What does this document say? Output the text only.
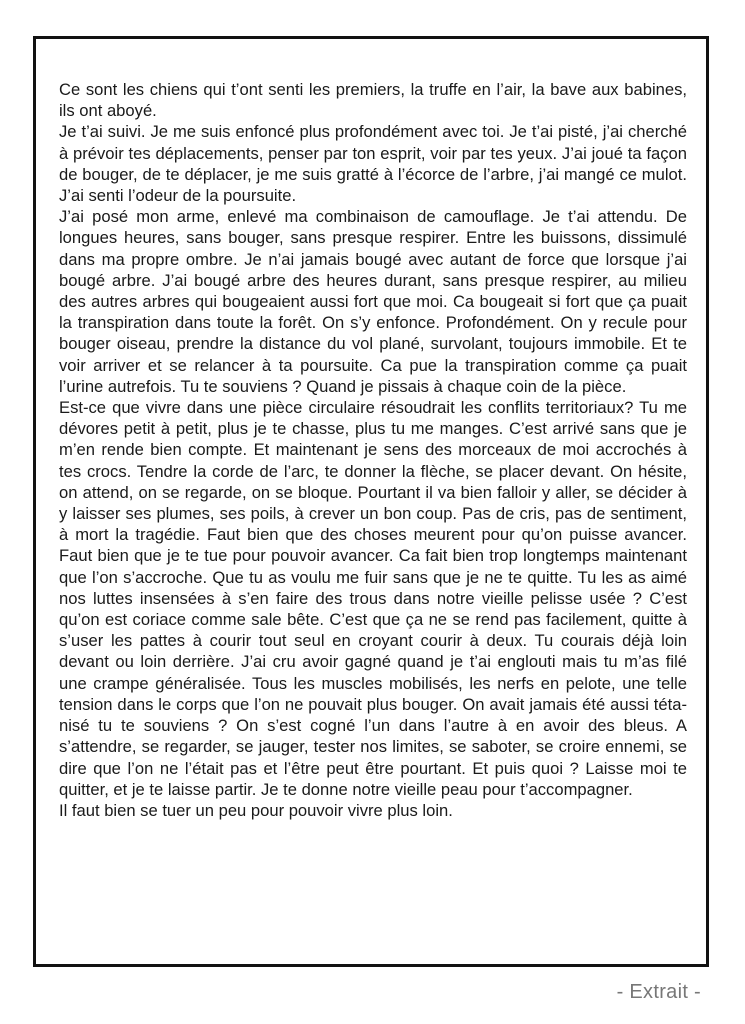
Ce sont les chiens qui t’ont senti les premiers, la truffe en l’air, la bave aux babines, ils ont aboyé.

Je t’ai suivi. Je me suis enfoncé plus profondément avec toi. Je t’ai pisté, j’ai cherché à prévoir tes déplacements, penser par ton esprit, voir par tes yeux. J’ai joué ta façon de bouger, de te déplacer, je me suis gratté à l’écorce de l’arbre, j’ai mangé ce mulot. J’ai senti l’odeur de la poursuite.

J’ai posé mon arme, enlevé ma combinaison de camouflage. Je t’ai attendu. De longues heures, sans bouger, sans presque respirer. Entre les buissons, dissimulé dans ma propre ombre. Je n’ai jamais bougé avec autant de force que lorsque j’ai bougé arbre. J’ai bougé arbre des heures durant, sans presque respirer, au milieu des autres arbres qui bougeaient aussi fort que moi. Ca bougeait si fort que ça puait la transpiration dans toute la forêt. On s’y enfonce. Profondément. On y recule pour bouger oiseau, prendre la distance du vol plané, survolant, toujours immobile. Et te voir arriver et se relancer à ta poursuite. Ca pue la transpiration comme ça puait l’urine autrefois. Tu te souviens ? Quand je pissais à chaque coin de la pièce.

Est-ce que vivre dans une pièce circulaire résoudrait les conflits territoriaux? Tu me dévores petit à petit, plus je te chasse, plus tu me manges. C’est arrivé sans que je m’en rende bien compte. Et maintenant je sens des morceaux de moi accrochés à tes crocs. Tendre la corde de l’arc, te donner la flèche, se placer devant. On hésite, on attend, on se regarde, on se bloque. Pourtant il va bien falloir y aller, se décider à y laisser ses plumes, ses poils, à crever un bon coup. Pas de cris, pas de sentiment, à mort la tragédie. Faut bien que des choses meurent pour qu’on puisse avancer. Faut bien que je te tue pour pouvoir avancer. Ca fait bien trop longtemps maintenant que l’on s’accroche. Que tu as voulu me fuir sans que je ne te quitte. Tu les as aimé nos luttes insensées à s’en faire des trous dans notre vieille pelisse usée ? C’est qu’on est coriace comme sale bête. C’est que ça ne se rend pas facilement, quitte à s’user les pattes à courir tout seul en croyant courir à deux. Tu courais déjà loin devant ou loin derrière. J’ai cru avoir gagné quand je t’ai englouti mais tu m’as filé une crampe généralisée. Tous les muscles mobilisés, les nerfs en pelote, une telle tension dans le corps que l’on ne pouvait plus bouger. On avait jamais été aussi téta- nisé tu te souviens ? On s’est cogné l’un dans l’autre à en avoir des bleus. A s’attendre, se regarder, se jauger, tester nos limites, se saboter, se croire ennemi, se dire que l’on ne l’était pas et l’être peut être pourtant. Et puis quoi ? Laisse moi te quitter, et je te laisse partir. Je te donne notre vieille peau pour t’accompagner.

Il faut bien se tuer un peu pour pouvoir vivre plus loin.

- Extrait -
